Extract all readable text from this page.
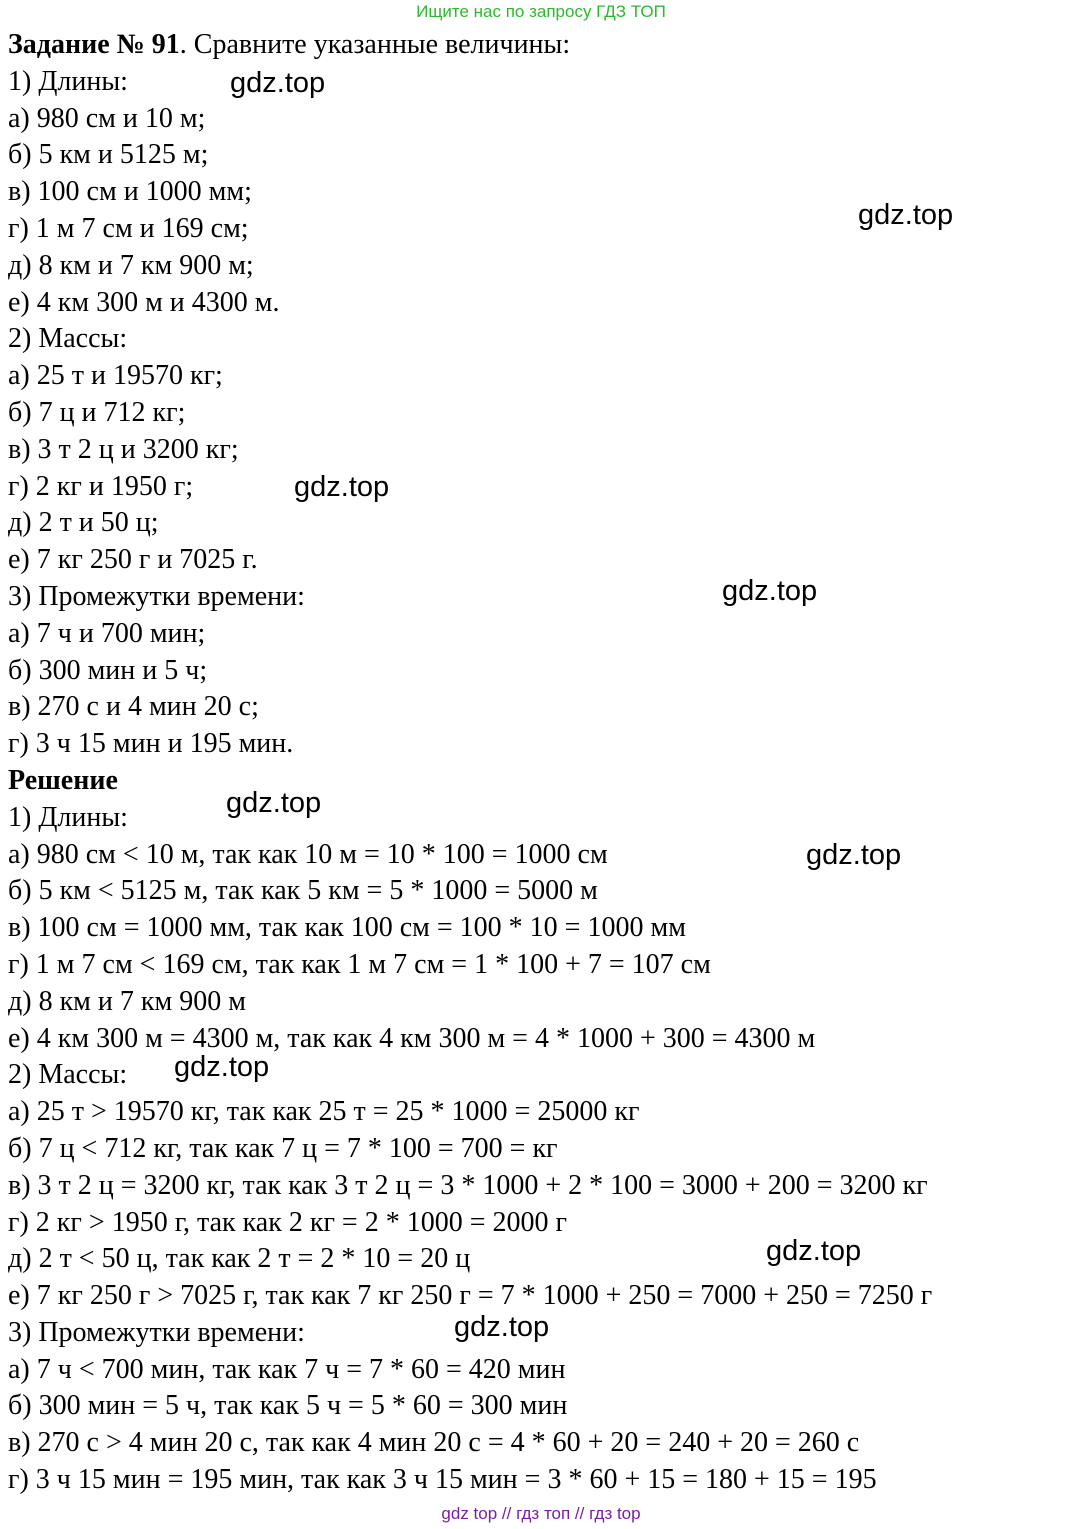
Ищите нас по запросу ГДЗ ТОП
Задание № 91. Сравните указанные величины:
1) Длины:
а) 980 см и 10 м;
б) 5 км и 5125 м;
в) 100 см и 1000 мм;
г) 1 м 7 см и 169 см;
д) 8 км и 7 км 900 м;
е) 4 км 300 м и 4300 м.
2) Массы:
а) 25 т и 19570 кг;
б) 7 ц и 712 кг;
в) 3 т 2 ц и 3200 кг;
г) 2 кг и 1950 г;
д) 2 т и 50 ц;
е) 7 кг 250 г и 7025 г.
3) Промежутки времени:
а) 7 ч и 700 мин;
б) 300 мин и 5 ч;
в) 270 с и 4 мин 20 с;
г) 3 ч 15 мин и 195 мин.
Решение
1) Длины:
а) 980 см < 10 м, так как 10 м = 10 * 100 = 1000 см
б) 5 км < 5125 м, так как 5 км = 5 * 1000 = 5000 м
в) 100 см = 1000 мм, так как 100 см = 100 * 10 = 1000 мм
г) 1 м 7 см < 169 см, так как 1 м 7 см = 1 * 100 + 7 = 107 см
д) 8 км и 7 км 900 м
е) 4 км 300 м = 4300 м, так как 4 км 300 м = 4 * 1000 + 300 = 4300 м
2) Массы:
а) 25 т > 19570 кг, так как 25 т = 25 * 1000 = 25000 кг
б) 7 ц < 712 кг, так как 7 ц = 7 * 100 = 700 = кг
в) 3 т 2 ц = 3200 кг, так как 3 т 2 ц = 3 * 1000 + 2 * 100 = 3000 + 200 = 3200 кг
г) 2 кг > 1950 г, так как 2 кг = 2 * 1000 = 2000 г
д) 2 т < 50 ц, так как 2 т = 2 * 10 = 20 ц
е) 7 кг 250 г > 7025 г, так как 7 кг 250 г = 7 * 1000 + 250 = 7000 + 250 = 7250 г
3) Промежутки времени:
а) 7 ч < 700 мин, так как 7 ч = 7 * 60 = 420 мин
б) 300 мин = 5 ч, так как 5 ч = 5 * 60 = 300 мин
в) 270 с > 4 мин 20 с, так как 4 мин 20 с = 4 * 60 + 20 = 240 + 20 = 260 с
г) 3 ч 15 мин = 195 мин, так как 3 ч 15 мин = 3 * 60 + 15 = 180 + 15 = 195
gdz.top
gdz.top
gdz.top
gdz.top
gdz.top
gdz.top
gdz.top
gdz.top
gdz.top
gdz top // гдз топ // гдз top
